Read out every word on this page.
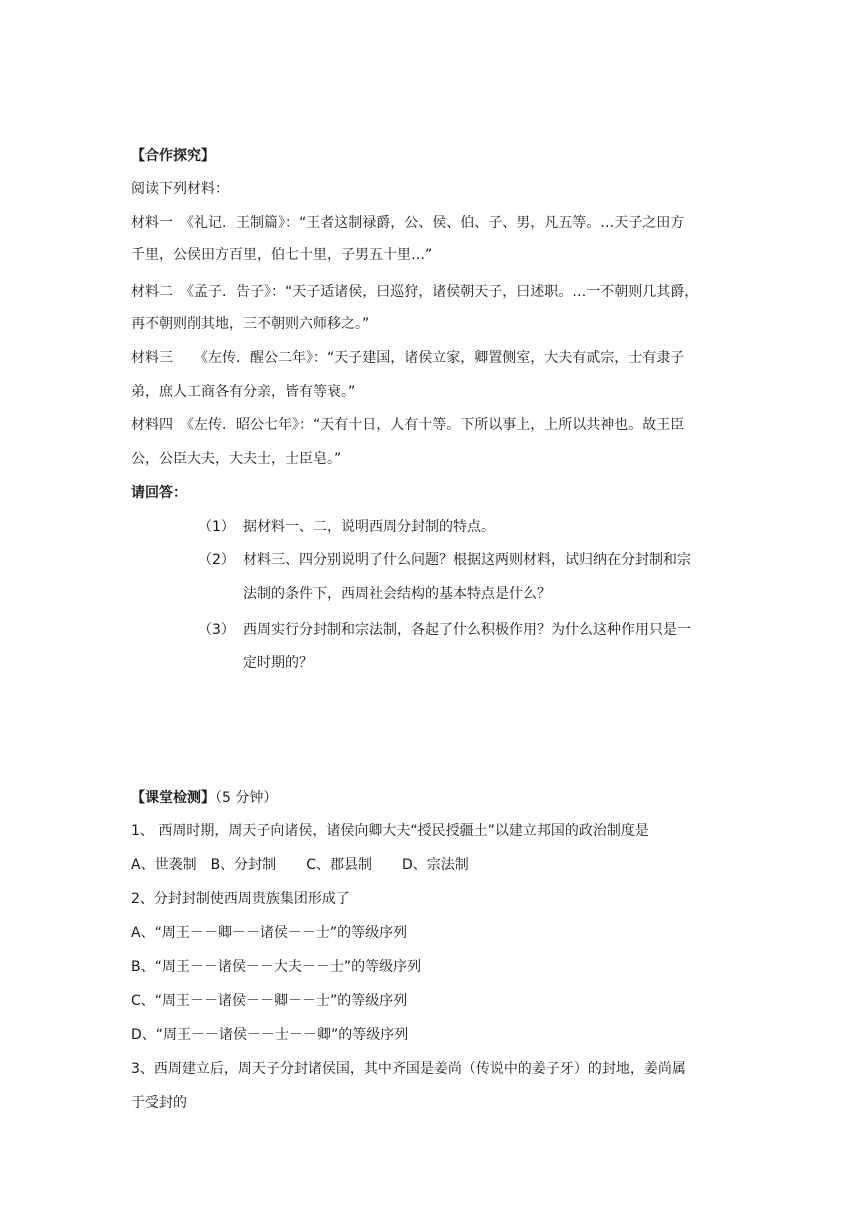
【合作探究】
阅读下列材料：
材料一　《礼记．王制篇》：“王者这制禄爵，公、侯、伯、子、男，凡五等。…天子之田方
千里，公侯田方百里，伯七十里，子男五十里…”
材料二　《孟子．告子》：“天子适诸侯，曰巡狩，诸侯朝天子，曰述职。…一不朝则几其爵，
再不朝则削其地，三不朝则六师移之。”
材料三　　《左传．醒公二年》：“天子建国，诸侯立家，卿置侧室，大夫有贰宗，士有隶子
弟，庶人工商各有分亲，皆有等衰。”
材料四　《左传．昭公七年》：“天有十日，人有十等。下所以事上，上所以共神也。故王臣
公，公臣大夫，大夫士，士臣皂。”
请回答：
（1） 据材料一、二，说明西周分封制的特点。
（2） 材料三、四分别说明了什么问题？根据这两则材料，试归纳在分封制和宗
法制的条件下，西周社会结构的基本特点是什么？
（3） 西周实行分封制和宗法制，各起了什么积极作用？为什么这种作用只是一
定时期的？
【课堂检测】（5 分钟）
1、 西周时期，周天子向诸侯，诸侯向卿大夫“授民授疆土”以建立邦国的政治制度是
A、世袭制 B、分封制 C、郡县制 D、宗法制
2、分封封制使西周贵族集团形成了
A、“周王－－卿－－诸侯－－士”的等级序列
B、“周王－－诸侯－－大夫－－士”的等级序列
C、“周王－－诸侯－－卿－－士”的等级序列
D、“周王－－诸侯－－士－－卿”的等级序列
3、西周建立后，周天子分封诸侯国，其中齐国是姜尚（传说中的姜子牙）的封地，姜尚属
于受封的
